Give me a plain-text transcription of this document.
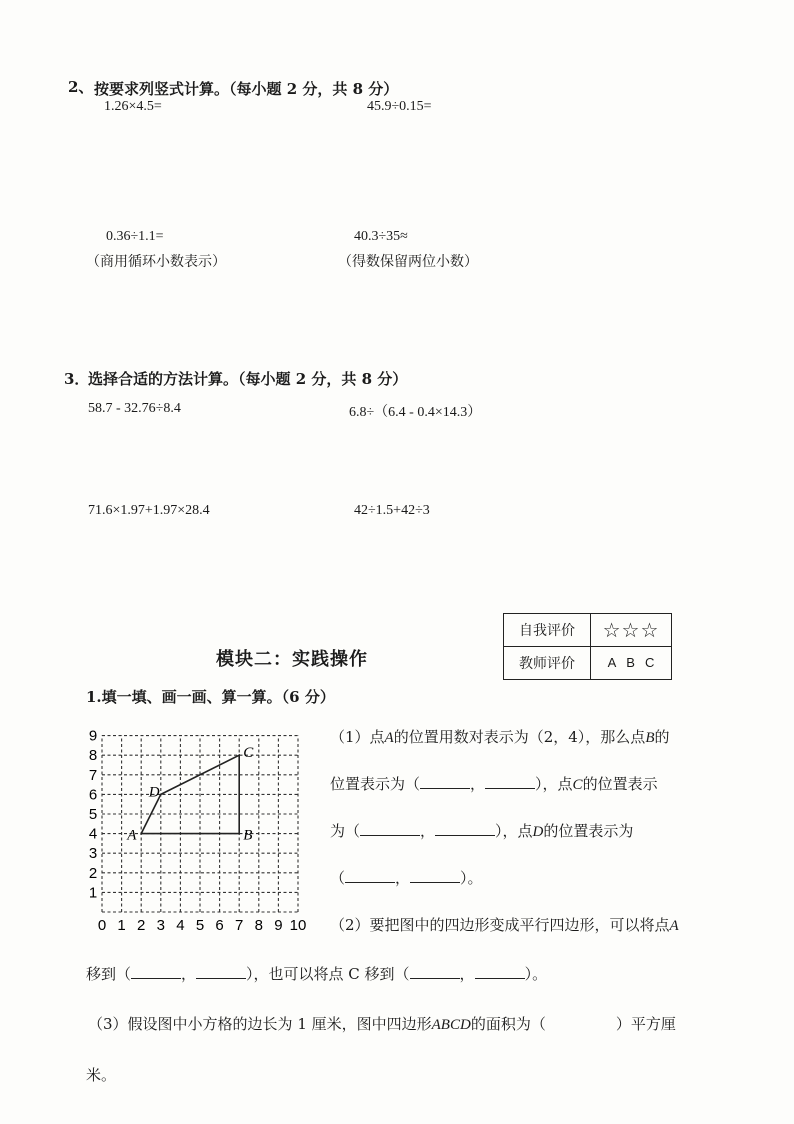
2、 按要求列竖式计算。（每小题 2 分，共 8 分）
1.26×4.5=	45.9÷0.15=
0.36÷1.1=
（商用循环小数表示）
40.3÷35≈
（得数保留两位小数）
3．
选择合适的方法计算。（每小题 2 分，共 8 分）
58.7 - 32.76÷8.4	6.8÷（6.4 - 0.4×14.3）
71.6×1.97+1.97×28.4	42÷1.5+42÷3
自我评价	☆☆☆
教师评价	A B C
模块二：实践操作
1.填一填、画一画、算一算。（6 分）
0 1 2 3 4 5 6 7 8 9 10
1
2
3
4
5
6
7
8
9
A	B
C
D
（1）点A的位置用数对表示为（2，4），那么点B的
位置表示为（	，	），点C的位置表示
为（	，	），点D的位置表示为
（	，	）。
（2）要把图中的四边形变成平行四边形，可以将点A
移到（	，	），也可以将点 C 移到（	，	）。
（3）假设图中小方格的边长为 1 厘米，图中四边形ABCD的面积为（	）平方厘
米。
